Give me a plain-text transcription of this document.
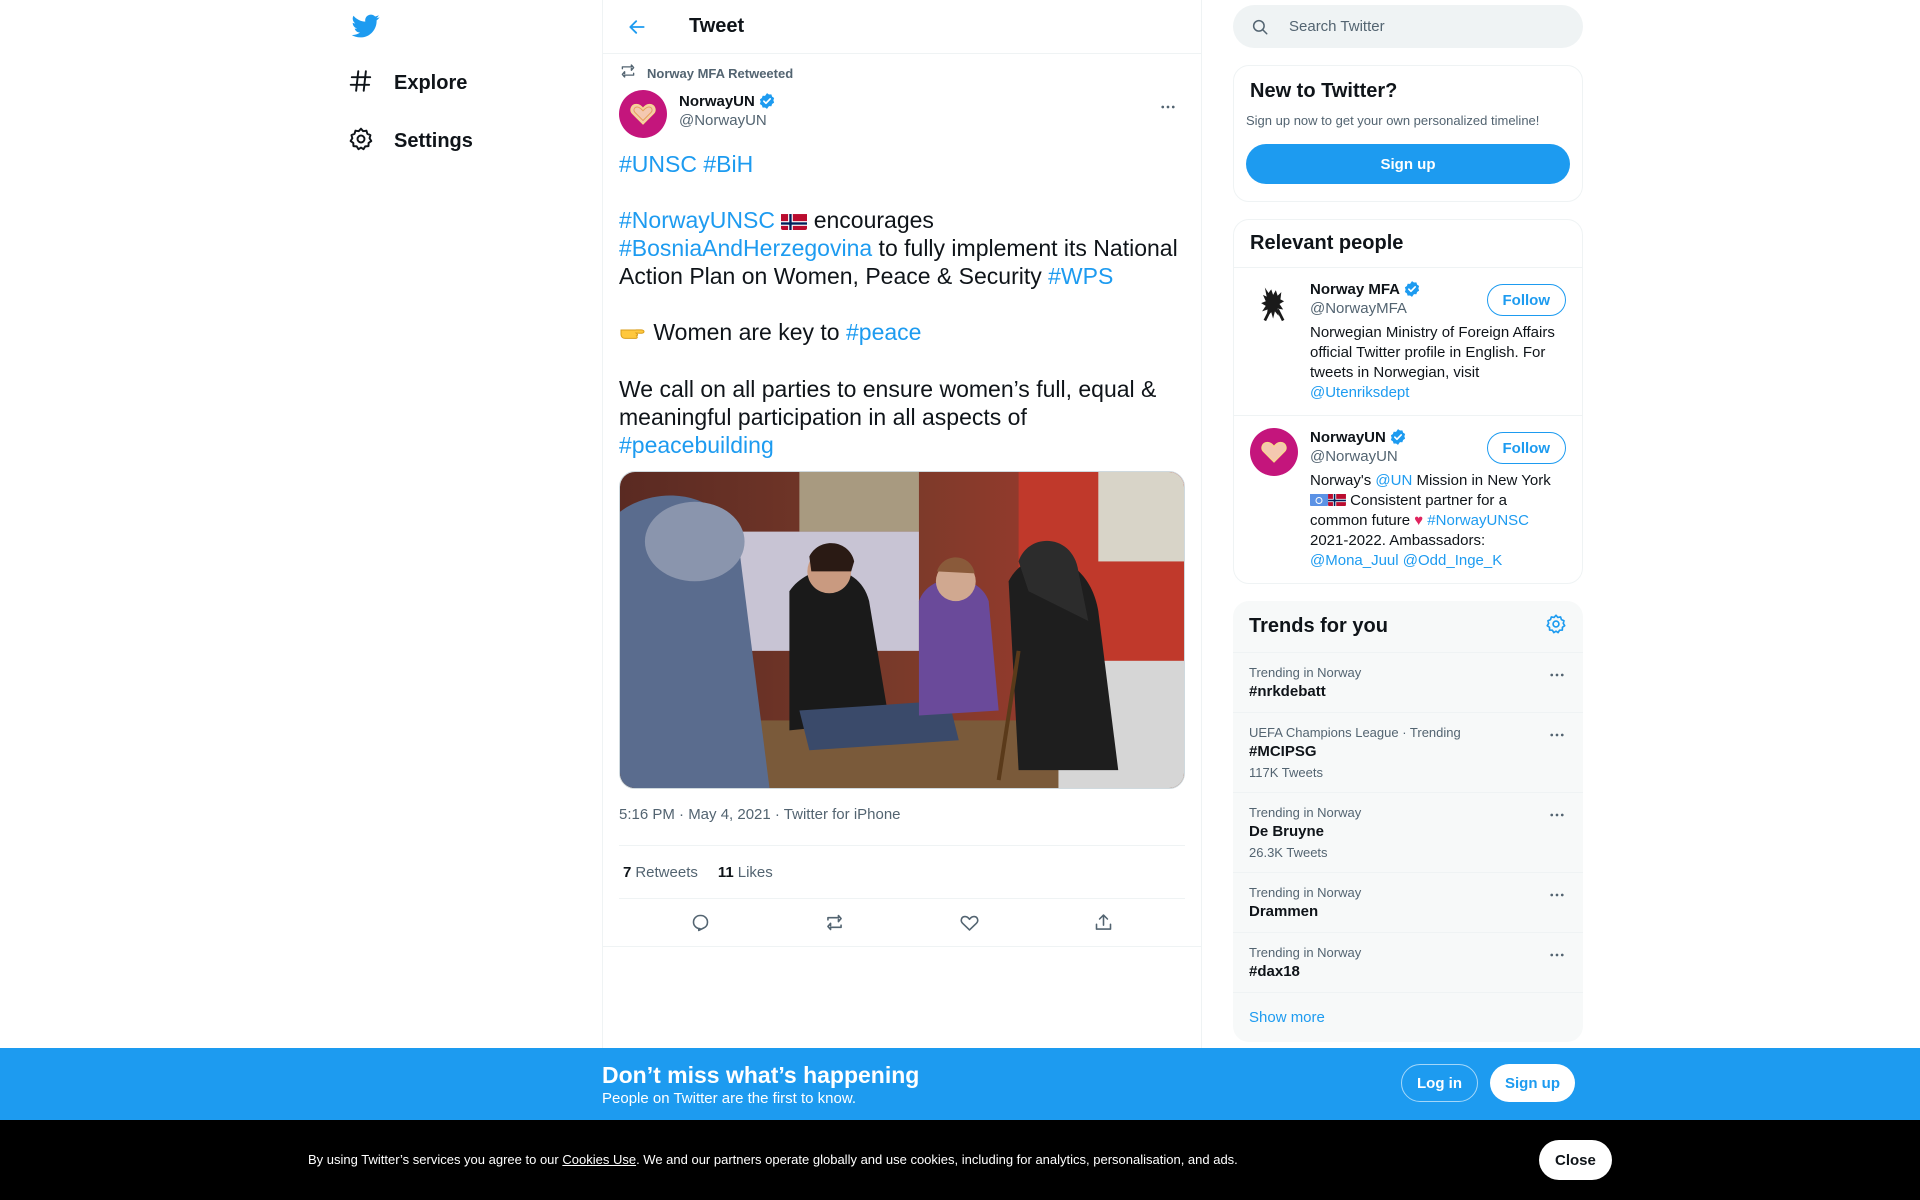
Explore
Settings
Tweet
Norway MFA Retweeted
NorwayUN
@NorwayUN

#UNSC #BiH

#NorwayUNSC  encourages #BosniaAndHerzegovina to fully implement its National Action Plan on Women, Peace & Security #WPS

Women are key to #peace

We call on all parties to ensure women’s full, equal & meaningful participation in all aspects of #peacebuilding

5:16 PM · May 4, 2021 · Twitter for iPhone
7 Retweets 11 Likes
Search Twitter
New to Twitter?
Sign up now to get your own personalized timeline!
Sign up
Relevant people
Norway MFA
@NorwayMFA
Norwegian Ministry of Foreign Affairs official Twitter profile in English. For tweets in Norwegian, visit @Utenriksdept
Follow
NorwayUN
@NorwayUN
Norway's @UN Mission in New York  Consistent partner for a common future ♥ #NorwayUNSC 2021-2022. Ambassadors: @Mona_Juul @Odd_Inge_K
Follow
Trends for you
Trending in Norway
#nrkdebatt
UEFA Champions League · Trending
#MCIPSG
117K Tweets
Trending in Norway
De Bruyne
26.3K Tweets
Trending in Norway
Drammen
Trending in Norway
#dax18
Show more
Don’t miss what’s happening
People on Twitter are the first to know.
Log in	Sign up
By using Twitter’s services you agree to our Cookies Use. We and our partners operate globally and use cookies, including for analytics, personalisation, and ads.	Close
